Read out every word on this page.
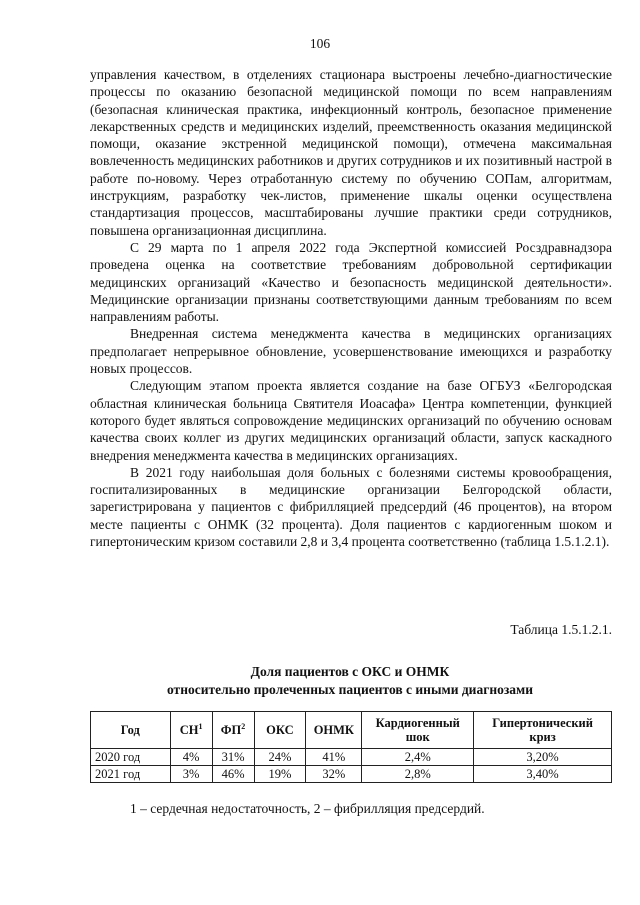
106

управления качеством, в отделениях стационара выстроены лечебно-диагностические процессы по оказанию безопасной медицинской помощи по всем направлениям (безопасная клиническая практика, инфекционный контроль, безопасное применение лекарственных средств и медицинских изделий, преемственность оказания медицинской помощи, оказание экстренной медицинской помощи), отмечена максимальная вовлеченность медицинских работников и других сотрудников и их позитивный настрой в работе по-новому. Через отработанную систему по обучению СОПам, алгоритмам, инструкциям, разработку чек-листов, применение шкалы оценки осуществлена стандартизация процессов, масштабированы лучшие практики среди сотрудников, повышена организационная дисциплина.

С 29 марта по 1 апреля 2022 года Экспертной комиссией Росздравнадзора проведена оценка на соответствие требованиям добровольной сертификации медицинских организаций «Качество и безопасность медицинской деятельности». Медицинские организации признаны соответствующими данным требованиям по всем направлениям работы.

Внедренная система менеджмента качества в медицинских организациях предполагает непрерывное обновление, усовершенствование имеющихся и разработку новых процессов.

Следующим этапом проекта является создание на базе ОГБУЗ «Белгородская областная клиническая больница Святителя Иоасафа» Центра компетенции, функцией которого будет являться сопровождение медицинских организаций по обучению основам качества своих коллег из других медицинских организаций области, запуск каскадного внедрения менеджмента качества в медицинских организациях.

В 2021 году наибольшая доля больных с болезнями системы кровообращения, госпитализированных в медицинские организации Белгородской области, зарегистрирована у пациентов с фибрилляцией предсердий (46 процентов), на втором месте пациенты с ОНМК (32 процента). Доля пациентов с кардиогенным шоком и гипертоническим кризом составили 2,8 и 3,4 процента соответственно (таблица 1.5.1.2.1).

Таблица 1.5.1.2.1.
Доля пациентов с ОКС и ОНМК
относительно пролеченных пациентов с иными диагнозами
Год	$СН^1$	$ФП^2$	ОКС	ОНМК	Кардиогенный шок	Гипертонический криз
2020 год	4%	31%	24%	41%	2,4%	3,20%
2021 год	3%	46%	19%	32%	2,8%	3,40%
1 – сердечная недостаточность, 2 – фибрилляция предсердий.
